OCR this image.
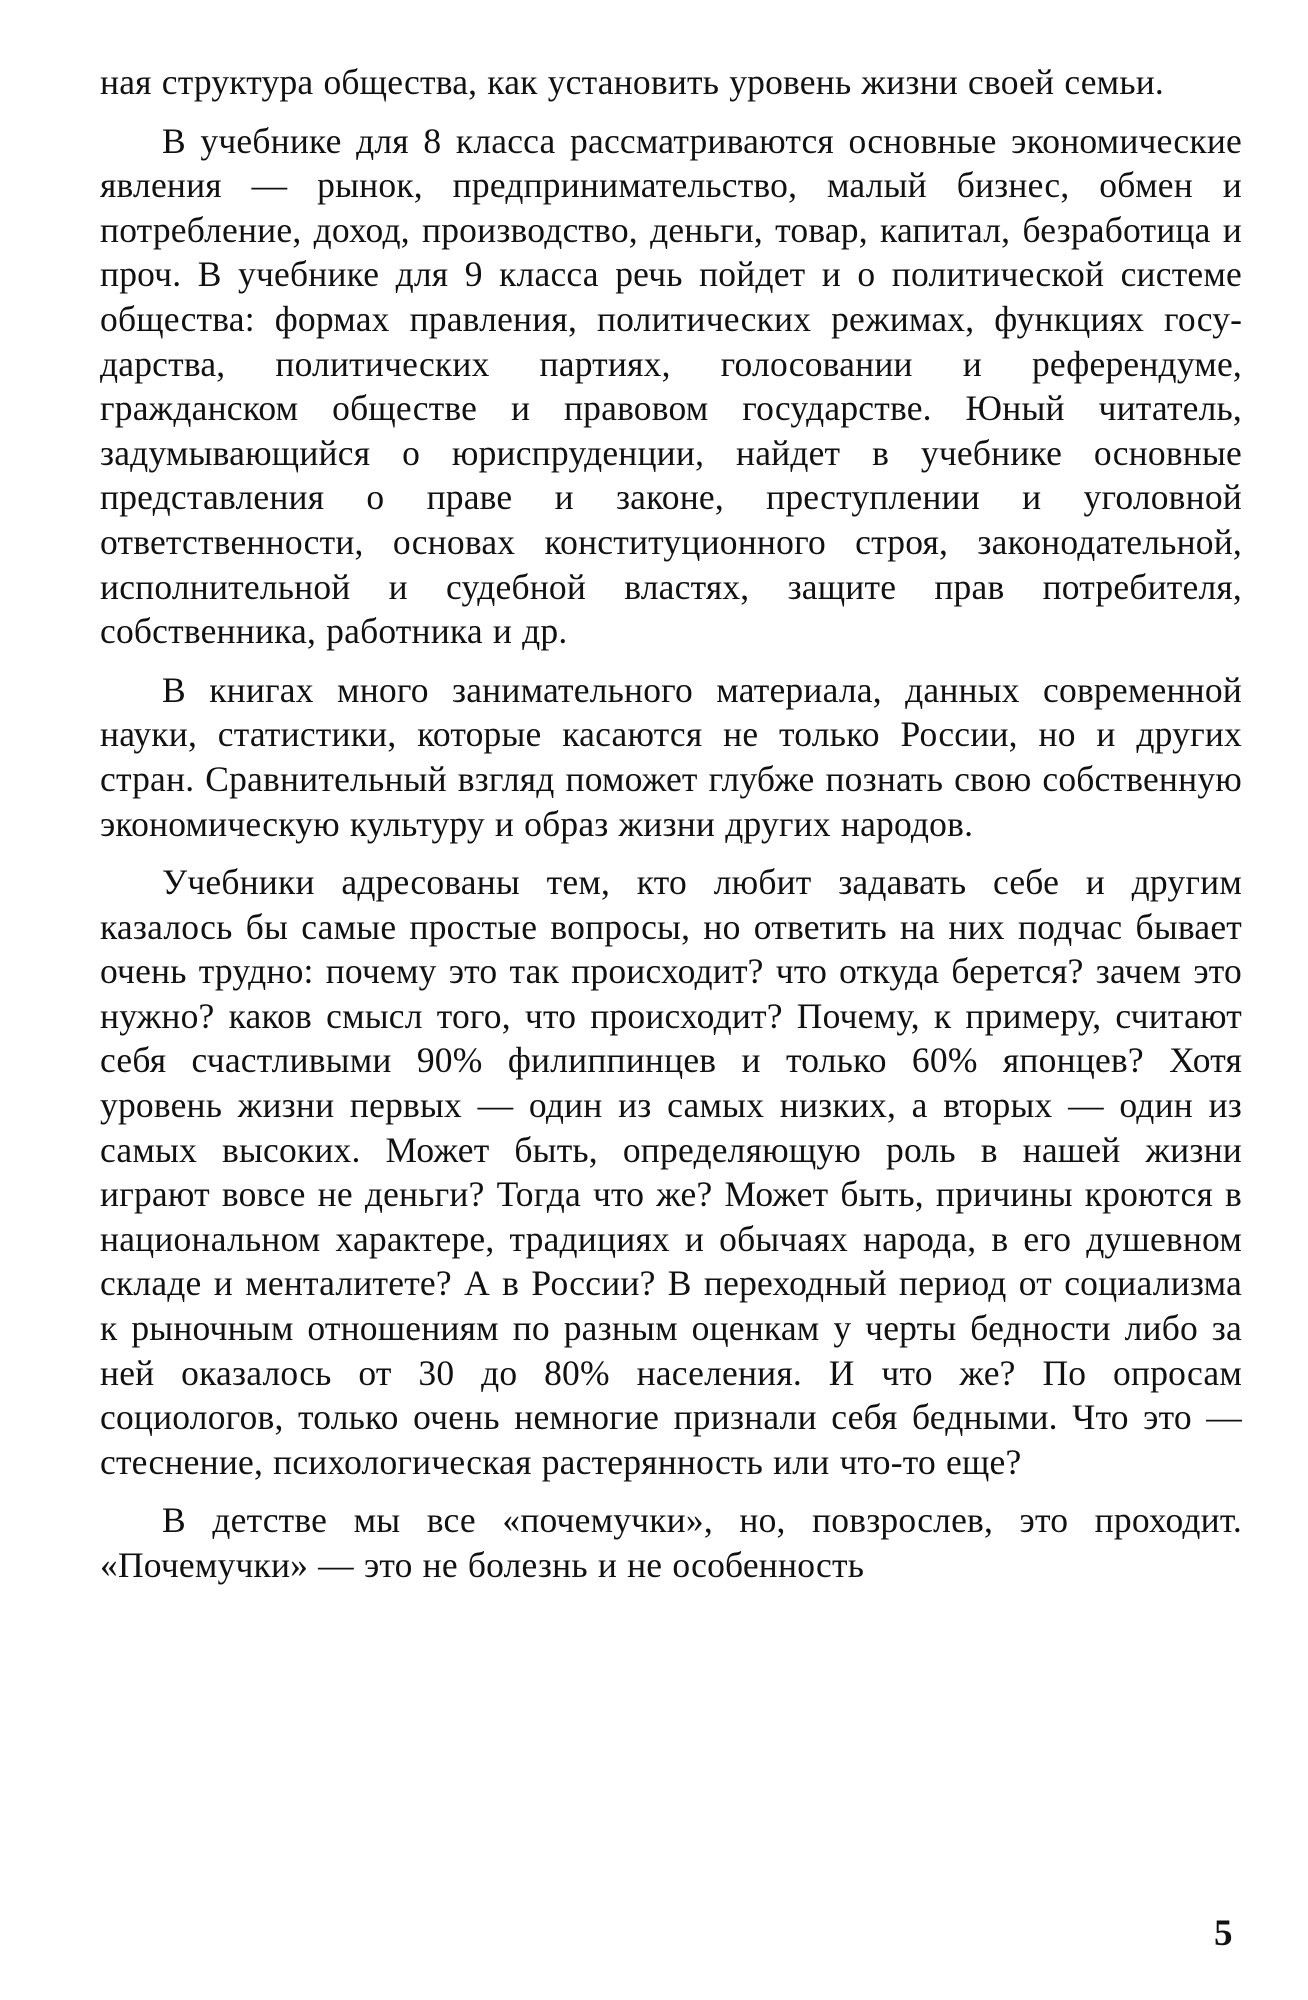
ная структура общества, как установить уровень жизни своей семьи.

В учебнике для 8 класса рассматриваются основные экономические явления — рынок, предпринимательство, малый бизнес, обмен и потребление, доход, производство, деньги, товар, капитал, безработица и проч. В учебнике для 9 класса речь пойдет и о политической системе общества: формах правления, политических режимах, функциях государства, политических партиях, голосовании и референдуме, гражданском обществе и правовом государстве. Юный читатель, задумывающийся о юриспруденции, найдет в учебнике основные представления о праве и законе, преступлении и уголовной ответственности, основах конституционного строя, законодательной, исполнительной и судебной властях, защите прав потребителя, собственника, работника и др.

В книгах много занимательного материала, данных современной науки, статистики, которые касаются не только России, но и других стран. Сравнительный взгляд поможет глубже познать свою собственную экономическую культуру и образ жизни других народов.

Учебники адресованы тем, кто любит задавать себе и другим казалось бы самые простые вопросы, но ответить на них подчас бывает очень трудно: почему это так происходит? что откуда берется? зачем это нужно? каков смысл того, что происходит? Почему, к примеру, считают себя счастливыми 90% филиппинцев и только 60% японцев? Хотя уровень жизни первых — один из самых низких, а вторых — один из самых высоких. Может быть, определяющую роль в нашей жизни играют вовсе не деньги? Тогда что же? Может быть, причины кроются в национальном характере, традициях и обычаях народа, в его душевном складе и менталитете? А в России? В переходный период от социализма к рыночным отношениям по разным оценкам у черты бедности либо за ней оказалось от 30 до 80% населения. И что же? По опросам социологов, только очень немногие признали себя бедными. Что это — стеснение, психологическая растерянность или что-то еще?

В детстве мы все «почемучки», но, повзрослев, это проходит. «Почемучки» — это не болезнь и не особенность

5
